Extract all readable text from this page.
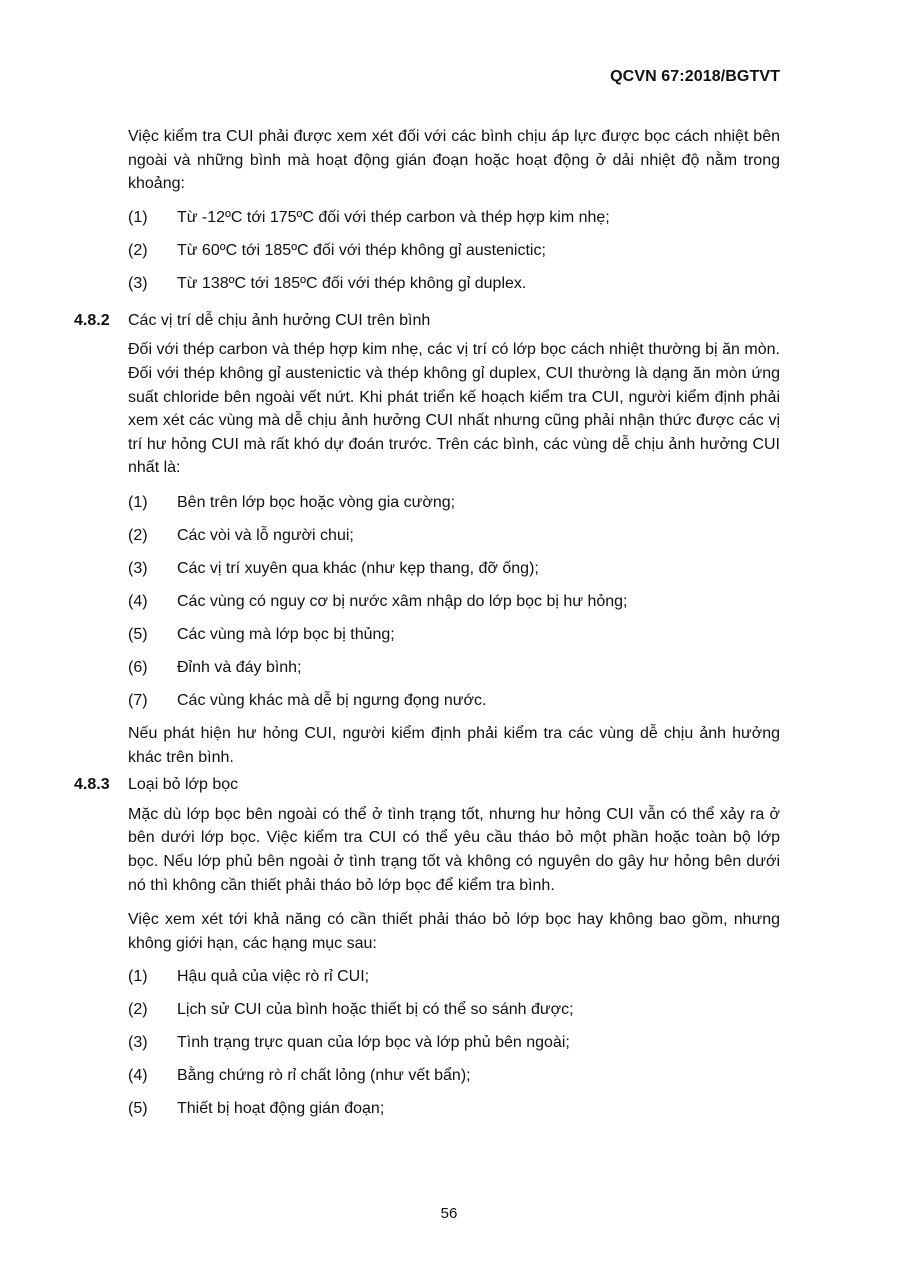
QCVN 67:2018/BGTVT

Việc kiểm tra CUI phải được xem xét đối với các bình chịu áp lực được bọc cách nhiệt bên ngoài và những bình mà hoạt động gián đoạn hoặc hoạt động ở dải nhiệt độ nằm trong khoảng:

(1)	Từ -12ºC tới 175ºC đối với thép carbon và thép hợp kim nhẹ;
(2)	Từ 60ºC tới 185ºC đối với thép không gỉ austenictic;
(3)	Từ 138ºC tới 185ºC đối với thép không gỉ duplex.
4.8.2	Các vị trí dễ chịu ảnh hưởng CUI trên bình

Đối với thép carbon và thép hợp kim nhẹ, các vị trí có lớp bọc cách nhiệt thường bị ăn mòn. Đối với thép không gỉ austenictic và thép không gỉ duplex, CUI thường là dạng ăn mòn ứng suất chloride bên ngoài vết nứt. Khi phát triển kế hoạch kiểm tra CUI, người kiểm định phải xem xét các vùng mà dễ chịu ảnh hưởng CUI nhất nhưng cũng phải nhận thức được các vị trí hư hỏng CUI mà rất khó dự đoán trước. Trên các bình, các vùng dễ chịu ảnh hưởng CUI nhất là:

(1)	Bên trên lớp bọc hoặc vòng gia cường;
(2)	Các vòi và lỗ người chui;
(3)	Các vị trí xuyên qua khác (như kẹp thang, đỡ ống);
(4)	Các vùng có nguy cơ bị nước xâm nhập do lớp bọc bị hư hỏng;
(5)	Các vùng mà lớp bọc bị thủng;
(6)	Đỉnh và đáy bình;
(7)	Các vùng khác mà dễ bị ngưng đọng nước.

Nếu phát hiện hư hỏng CUI, người kiểm định phải kiểm tra các vùng dễ chịu ảnh hưởng khác trên bình.

4.8.3	Loại bỏ lớp bọc

Mặc dù lớp bọc bên ngoài có thể ở tình trạng tốt, nhưng hư hỏng CUI vẫn có thể xảy ra ở bên dưới lớp bọc. Việc kiểm tra CUI có thể yêu cầu tháo bỏ một phần hoặc toàn bộ lớp bọc. Nếu lớp phủ bên ngoài ở tình trạng tốt và không có nguyên do gây hư hỏng bên dưới nó thì không cần thiết phải tháo bỏ lớp bọc để kiểm tra bình.

Việc xem xét tới khả năng có cần thiết phải tháo bỏ lớp bọc hay không bao gồm, nhưng không giới hạn, các hạng mục sau:

(1)	Hậu quả của việc rò rỉ CUI;
(2)	Lịch sử CUI của bình hoặc thiết bị có thể so sánh được;
(3)	Tình trạng trực quan của lớp bọc và lớp phủ bên ngoài;
(4)	Bằng chứng rò rỉ chất lỏng (như vết bẩn);
(5)	Thiết bị hoạt động gián đoạn;
56
